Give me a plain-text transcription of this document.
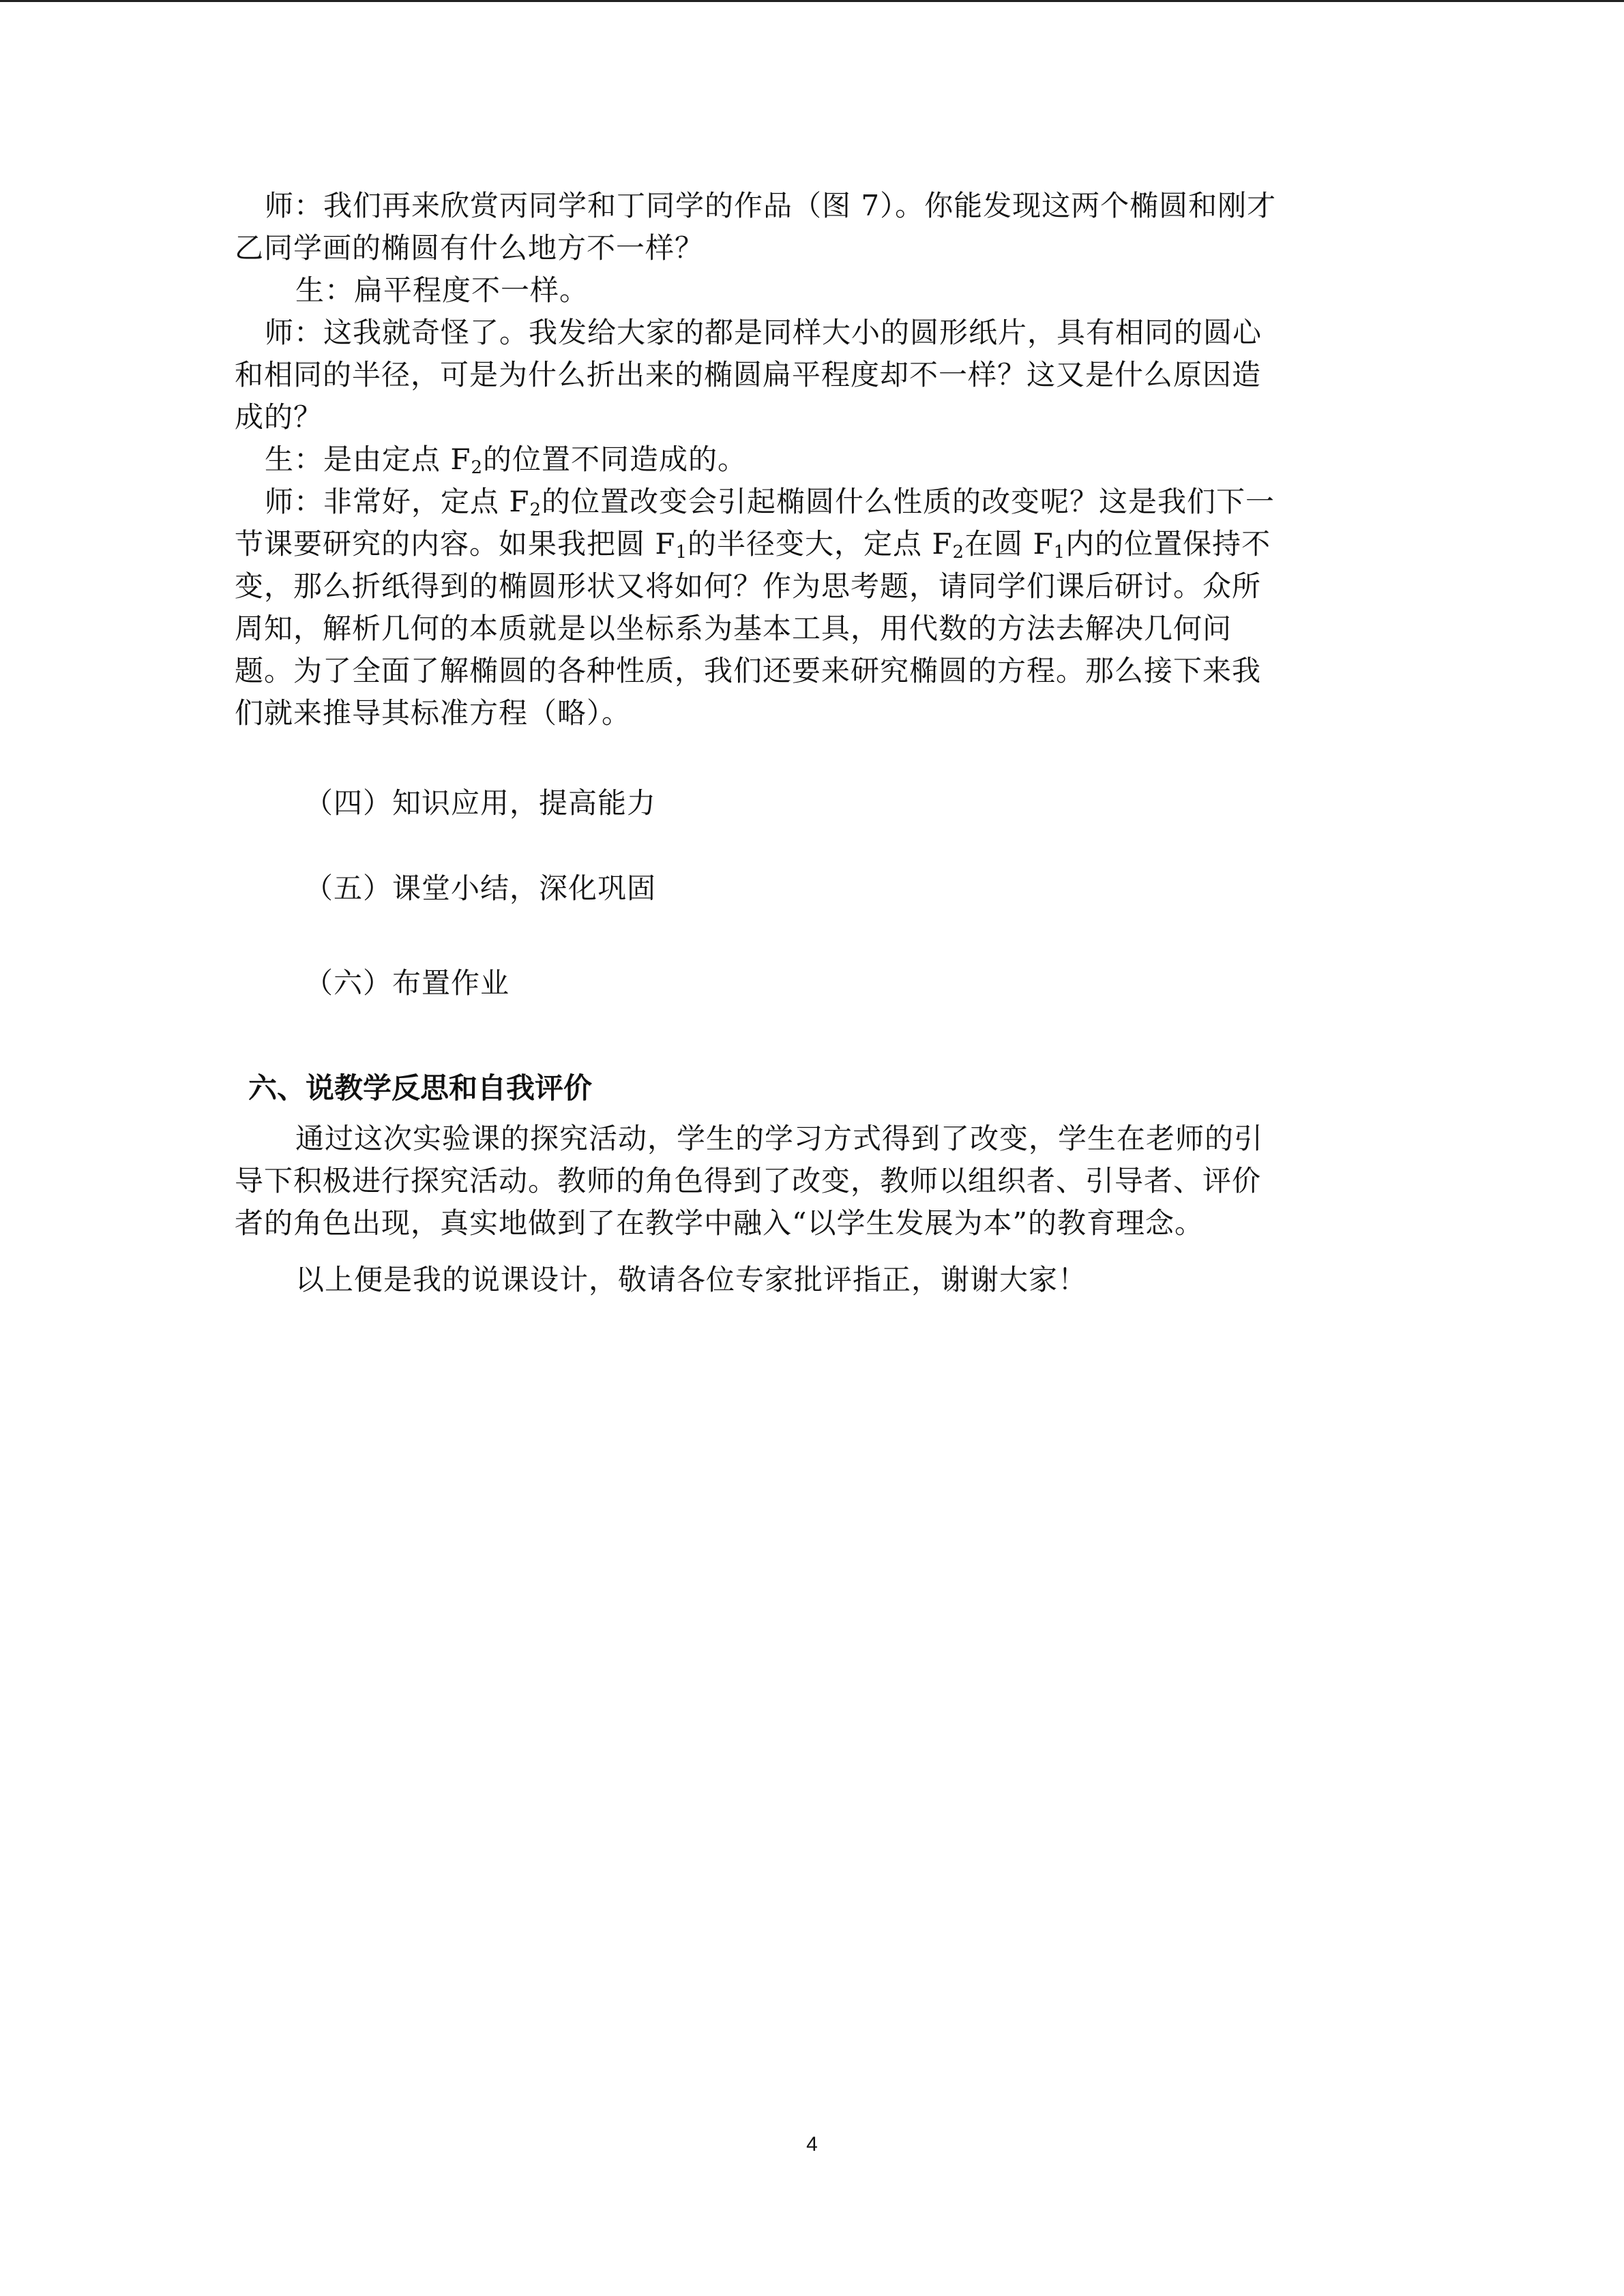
师：我们再来欣赏丙同学和丁同学的作品（图 7）。你能发现这两个椭圆和刚才
乙同学画的椭圆有什么地方不一样？
生：扁平程度不一样。
师：这我就奇怪了。我发给大家的都是同样大小的圆形纸片，具有相同的圆心
和相同的半径，可是为什么折出来的椭圆扁平程度却不一样？这又是什么原因造
成的？
生：是由定点 $F_2$的位置不同造成的。
师：非常好，定点 $F_2$的位置改变会引起椭圆什么性质的改变呢？这是我们下一
节课要研究的内容。如果我把圆 $F_1$的半径变大，定点 $F_2$在圆 $F_1$内的位置保持不
变，那么折纸得到的椭圆形状又将如何？作为思考题，请同学们课后研讨。众所
周知，解析几何的本质就是以坐标系为基本工具，用代数的方法去解决几何问
题。为了全面了解椭圆的各种性质，我们还要来研究椭圆的方程。那么接下来我
们就来推导其标准方程（略）。
（四）知识应用，提高能力
（五）课堂小结，深化巩固
（六）布置作业
六、说教学反思和自我评价
通过这次实验课的探究活动，学生的学习方式得到了改变，学生在老师的引
导下积极进行探究活动。教师的角色得到了改变，教师以组织者、引导者、评价
者的角色出现，真实地做到了在教学中融入“以学生发展为本”的教育理念。
以上便是我的说课设计，敬请各位专家批评指正，谢谢大家！
4
